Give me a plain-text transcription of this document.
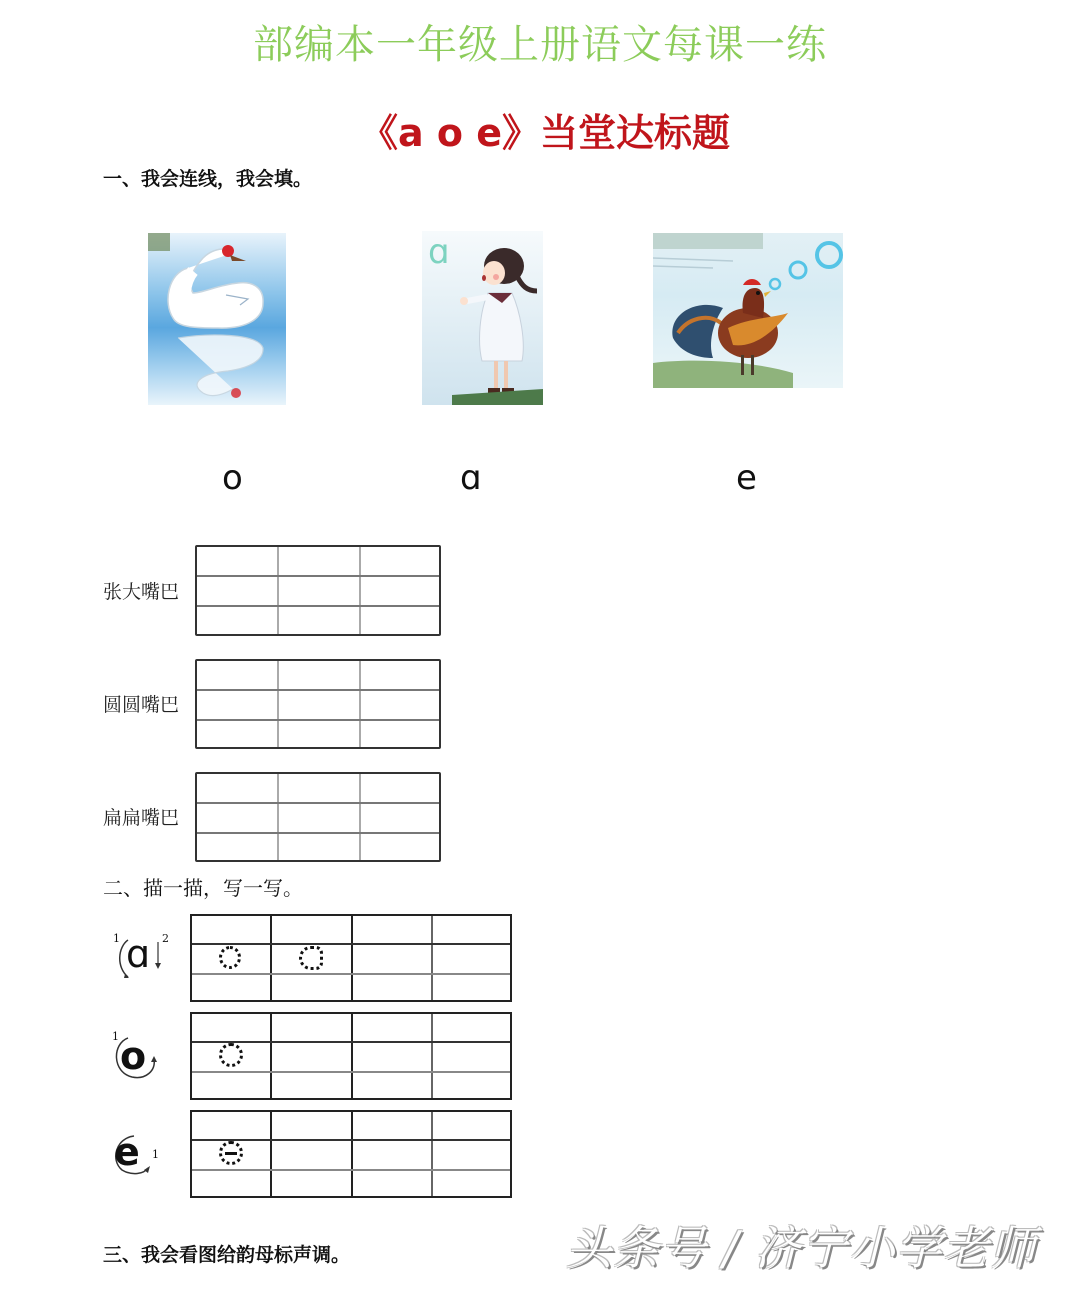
部编本一年级上册语文每课一练
《a o e》当堂达标题
一、我会连线，我会填。
ɑ
o	ɑ	e
张大嘴巴
圆圆嘴巴
扁扁嘴巴
二、描一描，写一写。
1	2
ɑ
1 o
1
e
三、我会看图给韵母标声调。	头条号 / 济宁小学老师
